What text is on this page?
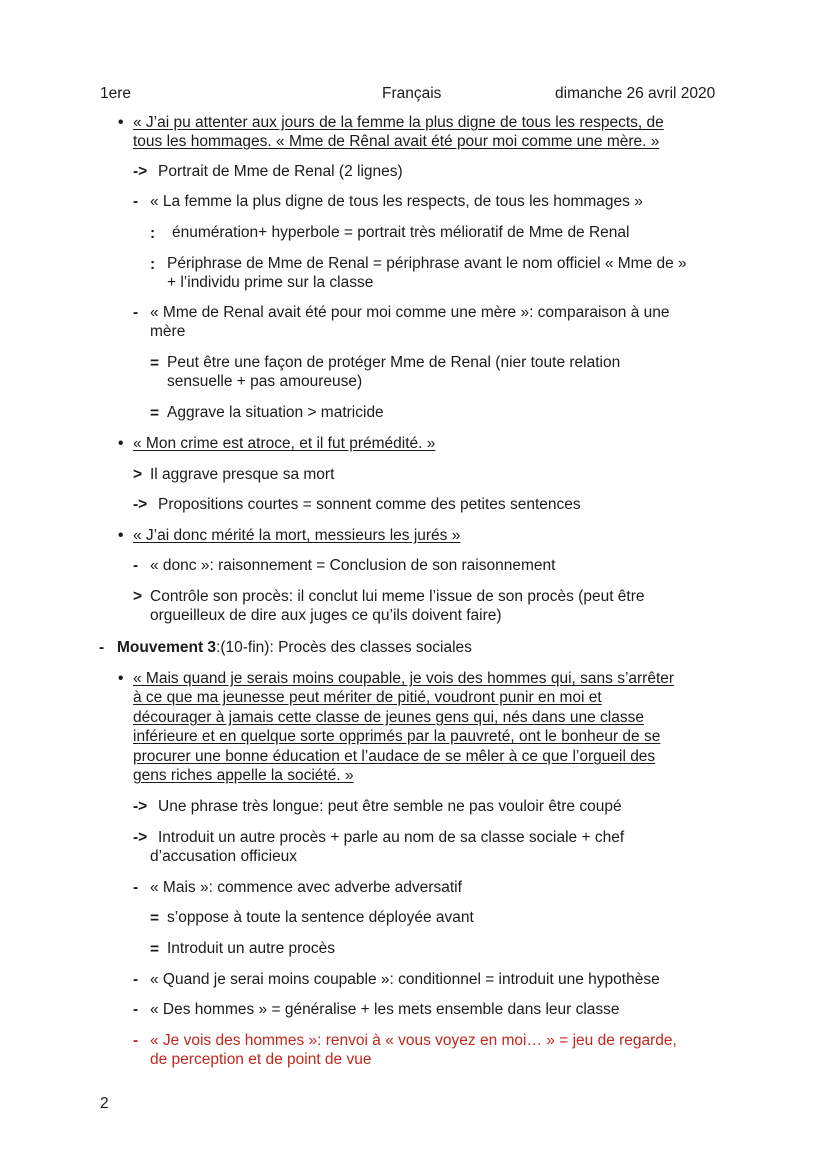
1ere	Français	dimanche 26 avril 2020
• « J’ai pu attenter aux jours de la femme la plus digne de tous les respects, de
tous les hommages. « Mme de Rênal avait été pour moi comme une mère. »
-> Portrait de Mme de Renal (2 lignes)
- « La femme la plus digne de tous les respects, de tous les hommages »
: énumération+ hyperbole = portrait très mélioratif de Mme de Renal
: Périphrase de Mme de Renal = périphrase avant le nom officiel « Mme de »
+ l’individu prime sur la classe
- « Mme de Renal avait été pour moi comme une mère »: comparaison à une
mère
= Peut être une façon de protéger Mme de Renal (nier toute relation
sensuelle + pas amoureuse)
= Aggrave la situation > matricide
• « Mon crime est atroce, et il fut prémédité. »
> Il aggrave presque sa mort
-> Propositions courtes = sonnent comme des petites sentences
• « J’ai donc mérité la mort, messieurs les jurés »
- « donc »: raisonnement = Conclusion de son raisonnement
> Contrôle son procès: il conclut lui meme l’issue de son procès (peut être
orgueilleux de dire aux juges ce qu’ils doivent faire)
- Mouvement 3:(10-fin): Procès des classes sociales
• « Mais quand je serais moins coupable, je vois des hommes qui, sans s’arrêter
à ce que ma jeunesse peut mériter de pitié, voudront punir en moi et
décourager à jamais cette classe de jeunes gens qui, nés dans une classe
inférieure et en quelque sorte opprimés par la pauvreté, ont le bonheur de se
procurer une bonne éducation et l’audace de se mêler à ce que l’orgueil des
gens riches appelle la société. »
-> Une phrase très longue: peut être semble ne pas vouloir être coupé
-> Introduit un autre procès + parle au nom de sa classe sociale + chef
d’accusation officieux
- « Mais »: commence avec adverbe adversatif
= s’oppose à toute la sentence déployée avant
= Introduit un autre procès
- « Quand je serai moins coupable »: conditionnel = introduit une hypothèse
- « Des hommes » = généralise + les mets ensemble dans leur classe
- « Je vois des hommes »: renvoi à « vous voyez en moi… » = jeu de regarde,
de perception et de point de vue
2
